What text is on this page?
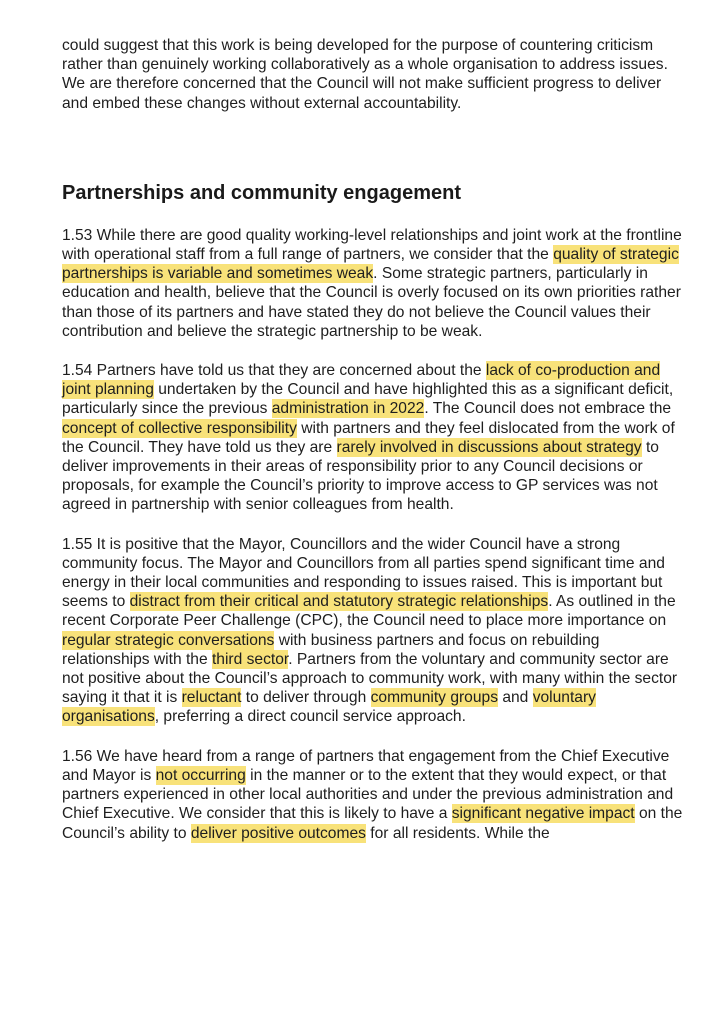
could suggest that this work is being developed for the purpose of countering criticism rather than genuinely working collaboratively as a whole organisation to address issues. We are therefore concerned that the Council will not make sufficient progress to deliver and embed these changes without external accountability.

Partnerships and community engagement

1.53 While there are good quality working-level relationships and joint work at the frontline with operational staff from a full range of partners, we consider that the quality of strategic partnerships is variable and sometimes weak. Some strategic partners, particularly in education and health, believe that the Council is overly focused on its own priorities rather than those of its partners and have stated they do not believe the Council values their contribution and believe the strategic partnership to be weak.

1.54 Partners have told us that they are concerned about the lack of co-production and joint planning undertaken by the Council and have highlighted this as a significant deficit, particularly since the previous administration in 2022. The Council does not embrace the concept of collective responsibility with partners and they feel dislocated from the work of the Council. They have told us they are rarely involved in discussions about strategy to deliver improvements in their areas of responsibility prior to any Council decisions or proposals, for example the Council’s priority to improve access to GP services was not agreed in partnership with senior colleagues from health.

1.55 It is positive that the Mayor, Councillors and the wider Council have a strong community focus. The Mayor and Councillors from all parties spend significant time and energy in their local communities and responding to issues raised. This is important but seems to distract from their critical and statutory strategic relationships. As outlined in the recent Corporate Peer Challenge (CPC), the Council need to place more importance on regular strategic conversations with business partners and focus on rebuilding relationships with the third sector. Partners from the voluntary and community sector are not positive about the Council’s approach to community work, with many within the sector saying it that it is reluctant to deliver through community groups and voluntary organisations, preferring a direct council service approach.

1.56 We have heard from a range of partners that engagement from the Chief Executive and Mayor is not occurring in the manner or to the extent that they would expect, or that partners experienced in other local authorities and under the previous administration and Chief Executive. We consider that this is likely to have a significant negative impact on the Council’s ability to deliver positive outcomes for all residents. While the
